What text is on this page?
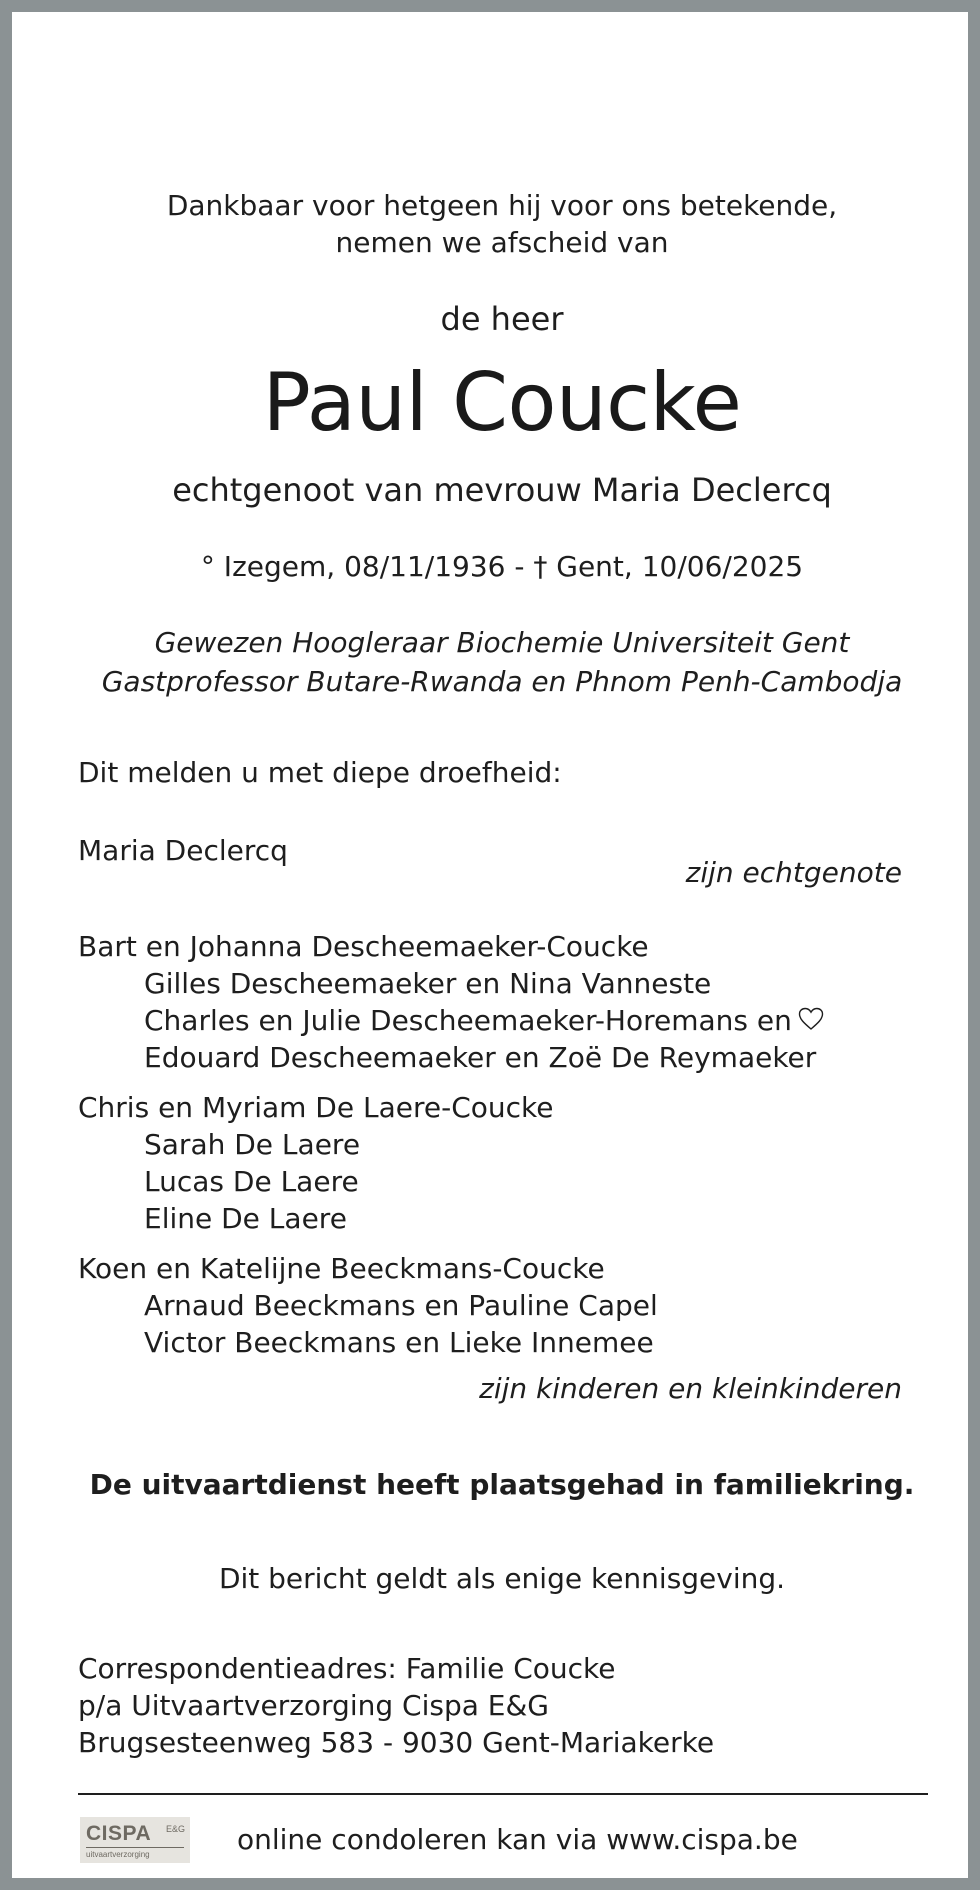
Dankbaar voor hetgeen hij voor ons betekende,
nemen we afscheid van
de heer
Paul Coucke
echtgenoot van mevrouw Maria Declercq
° Izegem, 08/11/1936 - † Gent, 10/06/2025
Gewezen Hoogleraar Biochemie Universiteit Gent
Gastprofessor Butare-Rwanda en Phnom Penh-Cambodja
Dit melden u met diepe droefheid:
Maria Declercq
zijn echtgenote
Bart en Johanna Descheemaeker-Coucke
Gilles Descheemaeker en Nina Vanneste
Charles en Julie Descheemaeker-Horemans en
Edouard Descheemaeker en Zoë De Reymaeker
Chris en Myriam De Laere-Coucke
Sarah De Laere
Lucas De Laere
Eline De Laere
Koen en Katelijne Beeckmans-Coucke
Arnaud Beeckmans en Pauline Capel
Victor Beeckmans en Lieke Innemee
zijn kinderen en kleinkinderen
De uitvaartdienst heeft plaatsgehad in familiekring.
Dit bericht geldt als enige kennisgeving.
Correspondentieadres: Familie Coucke
p/a Uitvaartverzorging Cispa E&G
Brugsesteenweg 583 - 9030 Gent-Mariakerke
CISPA E&G
uitvaartverzorging	online condoleren kan via www.cispa.be
